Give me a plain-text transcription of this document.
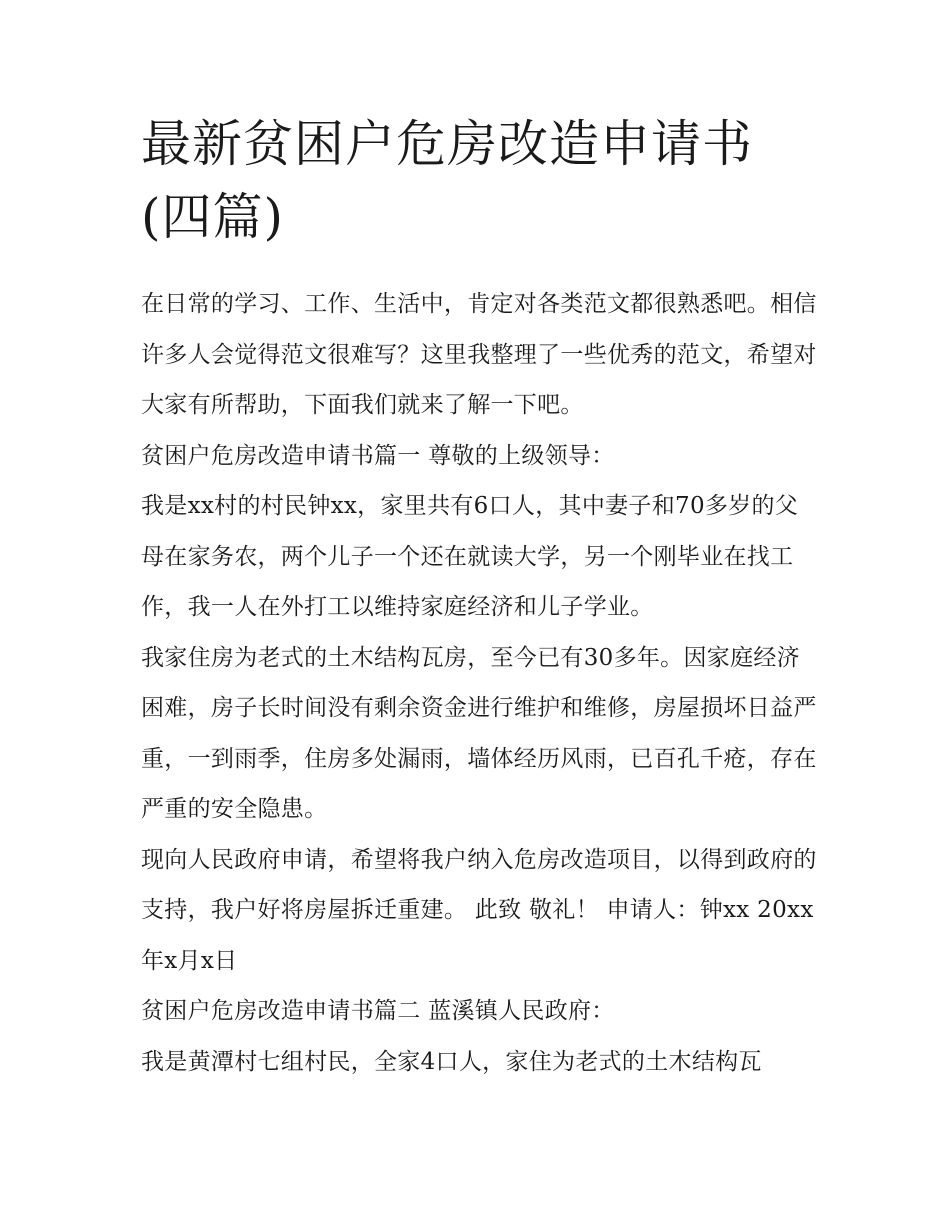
最新贫困户危房改造申请书(四篇)

在日常的学习、工作、生活中，肯定对各类范文都很熟悉吧。相信许多人会觉得范文很难写？这里我整理了一些优秀的范文，希望对大家有所帮助，下面我们就来了解一下吧。

贫困户危房改造申请书篇一 尊敬的上级领导：

我是xx村的村民钟xx，家里共有6口人，其中妻子和70多岁的父母在家务农，两个儿子一个还在就读大学，另一个刚毕业在找工作，我一人在外打工以维持家庭经济和儿子学业。

我家住房为老式的土木结构瓦房，至今已有30多年。因家庭经济困难，房子长时间没有剩余资金进行维护和维修，房屋损坏日益严重，一到雨季，住房多处漏雨，墙体经历风雨，已百孔千疮，存在严重的安全隐患。

现向人民政府申请，希望将我户纳入危房改造项目，以得到政府的支持，我户好将房屋拆迁重建。 此致 敬礼！ 申请人：钟xx 20xx年x月x日

贫困户危房改造申请书篇二 蓝溪镇人民政府：

我是黄潭村七组村民，全家4口人，家住为老式的土木结构瓦
